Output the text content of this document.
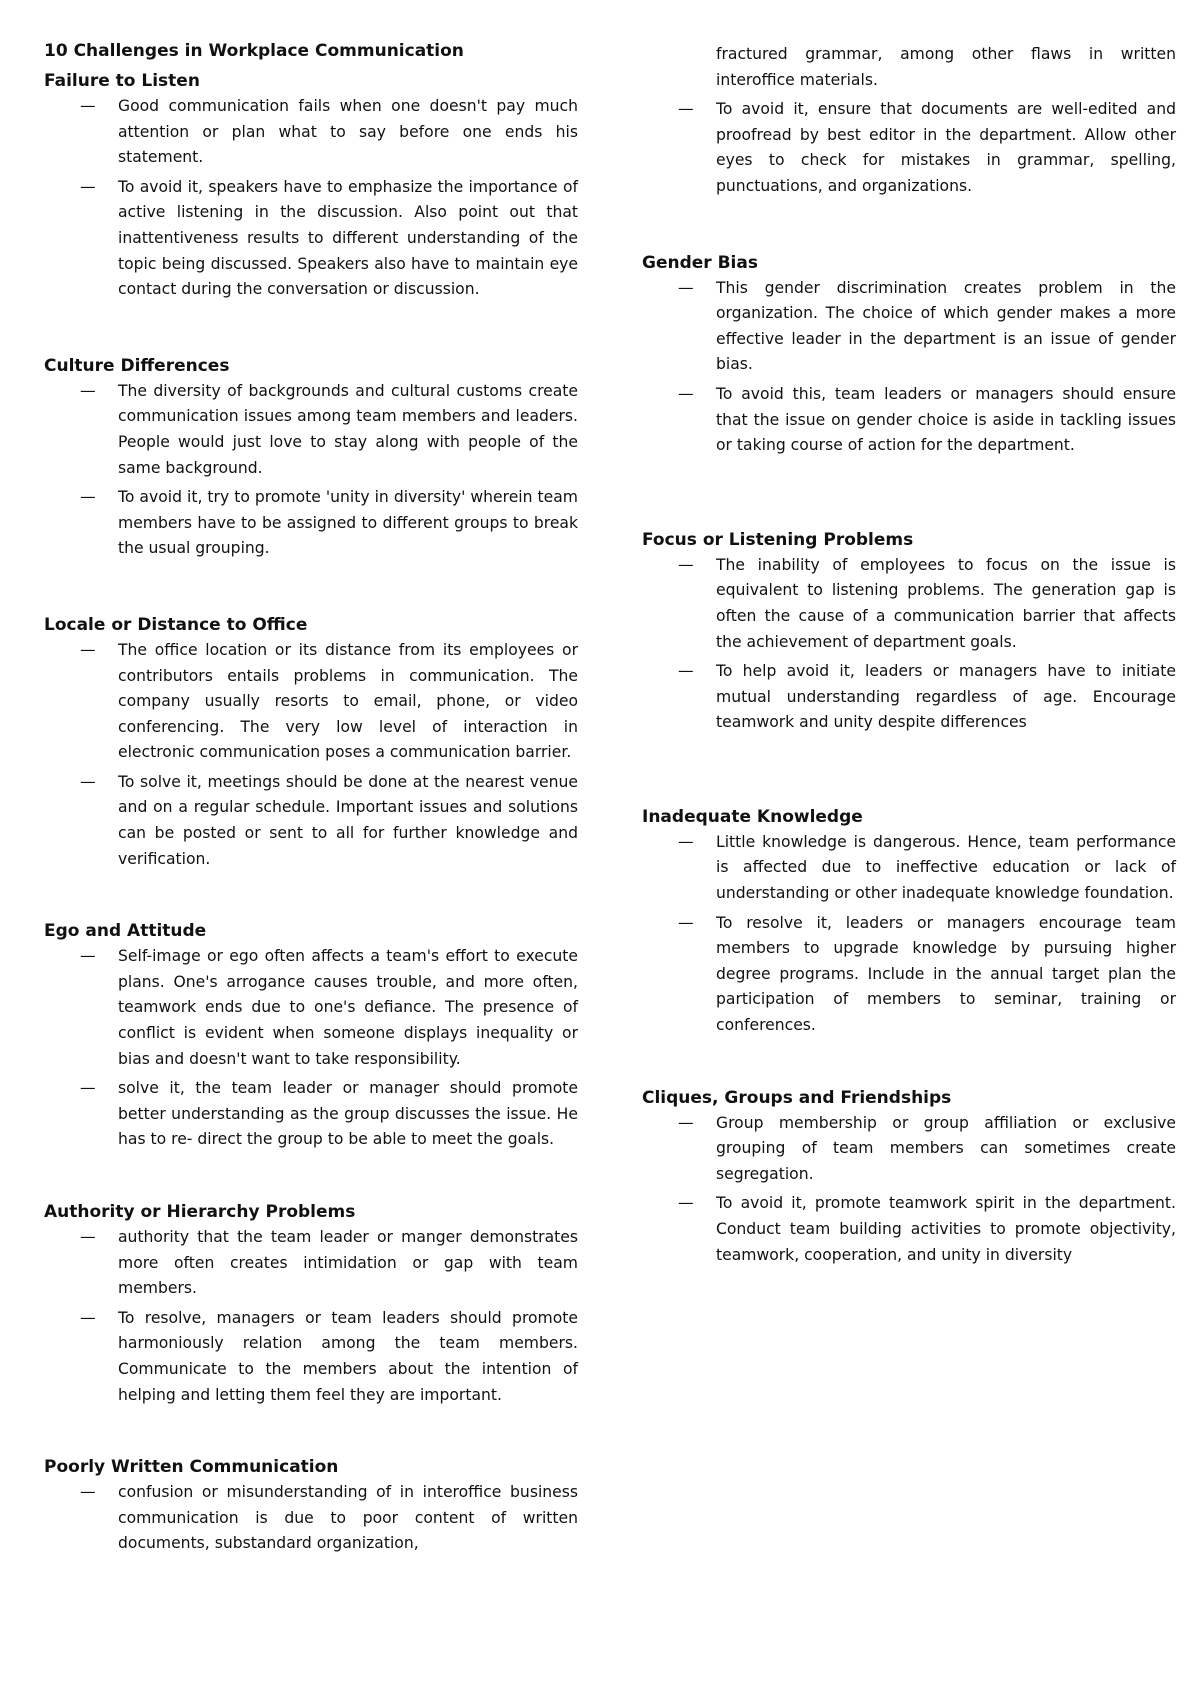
10 Challenges in Workplace Communication
Failure to Listen
— Good communication fails when one doesn't pay much attention or plan what to say before one ends his statement.
— To avoid it, speakers have to emphasize the importance of active listening in the discussion. Also point out that inattentiveness results to different understanding of the topic being discussed. Speakers also have to maintain eye contact during the conversation or discussion.
Culture Differences
— The diversity of backgrounds and cultural customs create communication issues among team members and leaders. People would just love to stay along with people of the same background.
— To avoid it, try to promote 'unity in diversity' wherein team members have to be assigned to different groups to break the usual grouping.
Locale or Distance to Office
— The office location or its distance from its employees or contributors entails problems in communication. The company usually resorts to email, phone, or video conferencing. The very low level of interaction in electronic communication poses a communication barrier.
— To solve it, meetings should be done at the nearest venue and on a regular schedule. Important issues and solutions can be posted or sent to all for further knowledge and verification.
Ego and Attitude
— Self-image or ego often affects a team's effort to execute plans. One's arrogance causes trouble, and more often, teamwork ends due to one's defiance. The presence of conflict is evident when someone displays inequality or bias and doesn't want to take responsibility.
— solve it, the team leader or manager should promote better understanding as the group discusses the issue. He has to re- direct the group to be able to meet the goals.
Authority or Hierarchy Problems
— authority that the team leader or manger demonstrates more often creates intimidation or gap with team members.
— To resolve, managers or team leaders should promote harmoniously relation among the team members. Communicate to the members about the intention of helping and letting them feel they are important.
Poorly Written Communication
— confusion or misunderstanding of in interoffice business communication is due to poor content of written documents, substandard organization,
fractured grammar, among other flaws in written interoffice materials.
— To avoid it, ensure that documents are well-edited and proofread by best editor in the department. Allow other eyes to check for mistakes in grammar, spelling, punctuations, and organizations.
Gender Bias
— This gender discrimination creates problem in the organization. The choice of which gender makes a more effective leader in the department is an issue of gender bias.
— To avoid this, team leaders or managers should ensure that the issue on gender choice is aside in tackling issues or taking course of action for the department.
Focus or Listening Problems
— The inability of employees to focus on the issue is equivalent to listening problems. The generation gap is often the cause of a communication barrier that affects the achievement of department goals.
— To help avoid it, leaders or managers have to initiate mutual understanding regardless of age. Encourage teamwork and unity despite differences
Inadequate Knowledge
— Little knowledge is dangerous. Hence, team performance is affected due to ineffective education or lack of understanding or other inadequate knowledge foundation.
— To resolve it, leaders or managers encourage team members to upgrade knowledge by pursuing higher degree programs. Include in the annual target plan the participation of members to seminar, training or conferences.
Cliques, Groups and Friendships
— Group membership or group affiliation or exclusive grouping of team members can sometimes create segregation.
— To avoid it, promote teamwork spirit in the department. Conduct team building activities to promote objectivity, teamwork, cooperation, and unity in diversity
